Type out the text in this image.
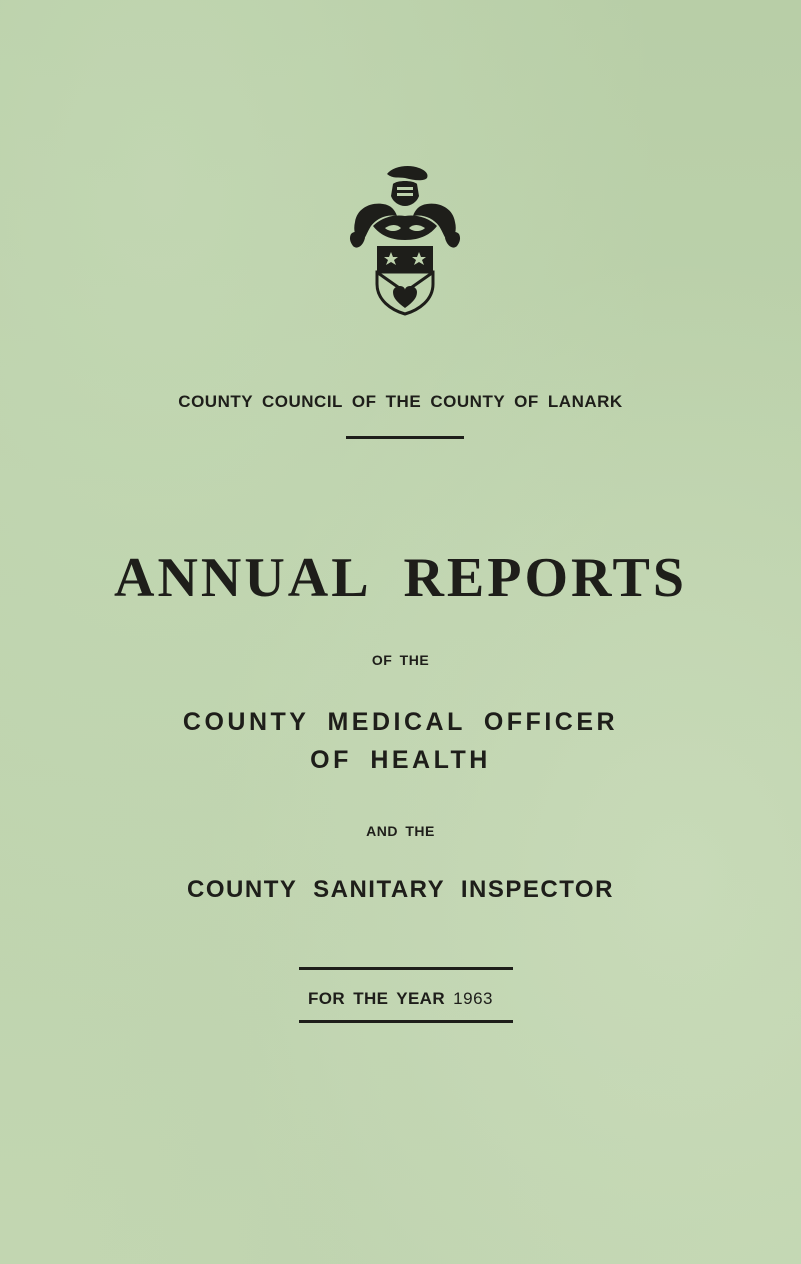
COUNTY COUNCIL OF THE COUNTY OF LANARK
ANNUAL REPORTS
OF THE
COUNTY MEDICAL OFFICER
OF HEALTH
AND THE
COUNTY SANITARY INSPECTOR
FOR THE YEAR 1963
